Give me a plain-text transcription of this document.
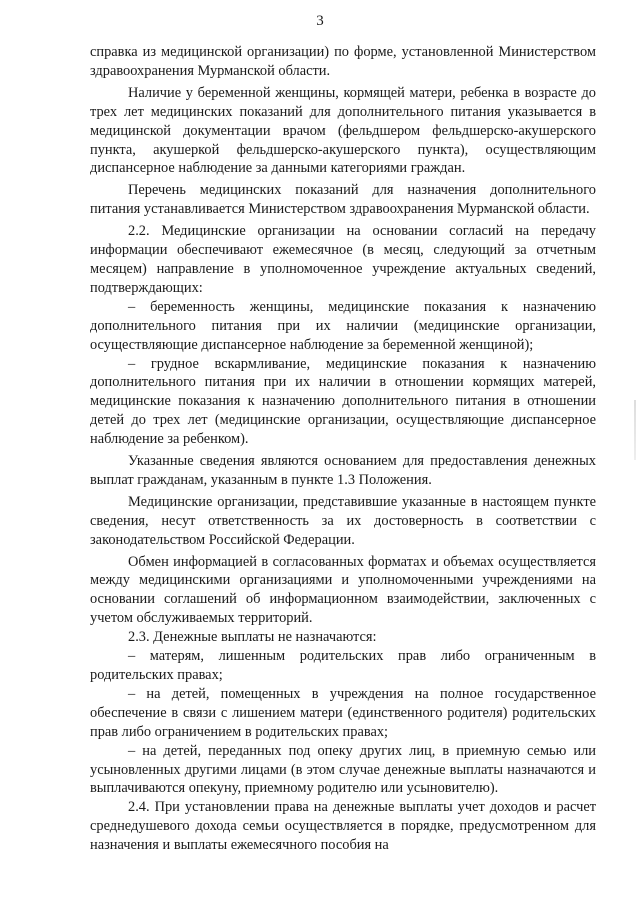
3

справка из медицинской организации) по форме, установленной Министерством здравоохранения Мурманской области.

Наличие у беременной женщины, кормящей матери, ребенка в возрасте до трех лет медицинских показаний для дополнительного питания указывается в медицинской документации врачом (фельдшером фельдшерско-акушерского пункта, акушеркой фельдшерско-акушерского пункта), осуществляющим диспансерное наблюдение за данными категориями граждан.

Перечень медицинских показаний для назначения дополнительного питания устанавливается Министерством здравоохранения Мурманской области.

2.2. Медицинские организации на основании согласий на передачу информации обеспечивают ежемесячное (в месяц, следующий за отчетным месяцем) направление в уполномоченное учреждение актуальных сведений, подтверждающих:

– беременность женщины, медицинские показания к назначению дополнительного питания при их наличии (медицинские организации, осуществляющие диспансерное наблюдение за беременной женщиной);

– грудное вскармливание, медицинские показания к назначению дополнительного питания при их наличии в отношении кормящих матерей, медицинские показания к назначению дополнительного питания в отношении детей до трех лет (медицинские организации, осуществляющие диспансерное наблюдение за ребенком).

Указанные сведения являются основанием для предоставления денежных выплат гражданам, указанным в пункте 1.3 Положения.

Медицинские организации, представившие указанные в настоящем пункте сведения, несут ответственность за их достоверность в соответствии с законодательством Российской Федерации.

Обмен информацией в согласованных форматах и объемах осуществляется между медицинскими организациями и уполномоченными учреждениями на основании соглашений об информационном взаимодействии, заключенных с учетом обслуживаемых территорий.

2.3. Денежные выплаты не назначаются:

– матерям, лишенным родительских прав либо ограниченным в родительских правах;

– на детей, помещенных в учреждения на полное государственное обеспечение в связи с лишением матери (единственного родителя) родительских прав либо ограничением в родительских правах;

– на детей, переданных под опеку других лиц, в приемную семью или усыновленных другими лицами (в этом случае денежные выплаты назначаются и выплачиваются опекуну, приемному родителю или усыновителю).

2.4. При установлении права на денежные выплаты учет доходов и расчет среднедушевого дохода семьи осуществляется в порядке, предусмотренном для назначения и выплаты ежемесячного пособия на
